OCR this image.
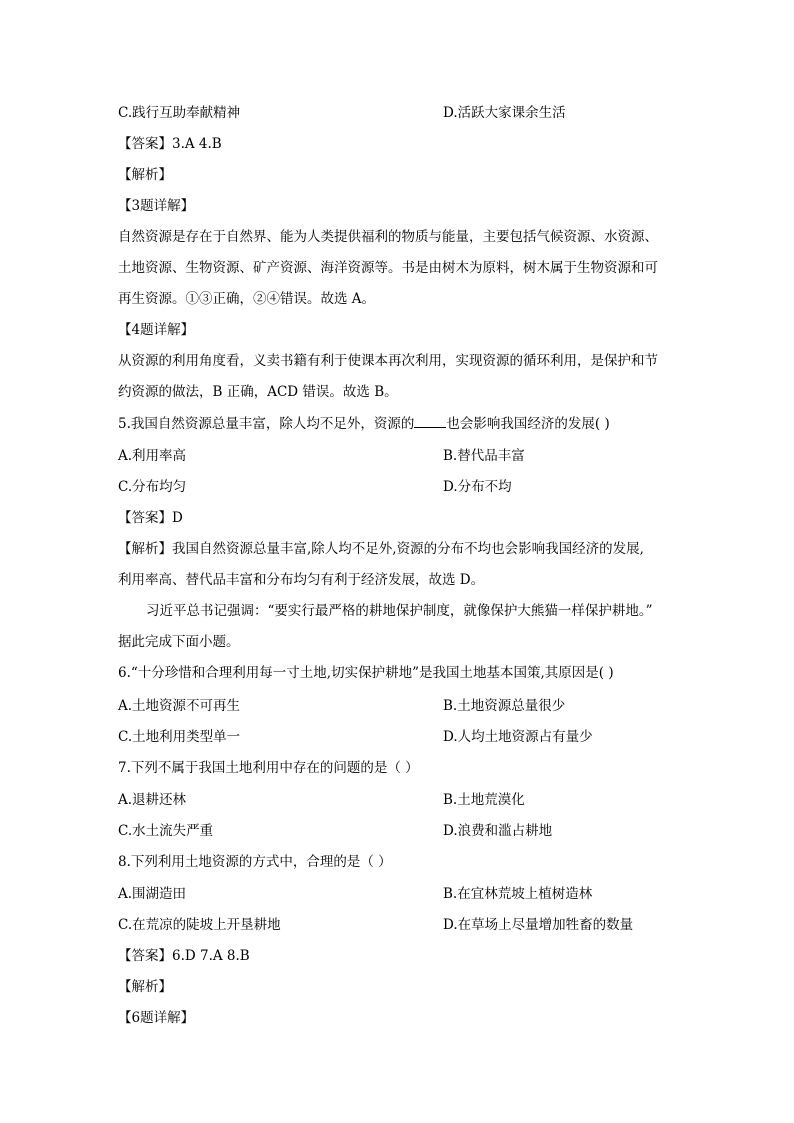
C.践行互助奉献精神	D.活跃大家课余生活
【答案】3.A 4.B
【解析】
【3题详解】
自然资源是存在于自然界、能为人类提供福利的物质与能量，主要包括气候资源、水资源、
土地资源、生物资源、矿产资源、海洋资源等。书是由树木为原料，树木属于生物资源和可
再生资源。①③正确，②④错误。故选 A。
【4题详解】
从资源的利用角度看，义卖书籍有利于使课本再次利用，实现资源的循环利用，是保护和节
约资源的做法，B 正确，ACD 错误。故选 B。
5.我国自然资源总量丰富，除人均不足外，资源的 也会影响我国经济的发展( )
A.利用率高	B.替代品丰富
C.分布均匀	D.分布不均
【答案】D
【解析】我国自然资源总量丰富,除人均不足外,资源的分布不均也会影响我国经济的发展,
利用率高、替代品丰富和分布均匀有利于经济发展，故选 D。
习近平总书记强调：“要实行最严格的耕地保护制度，就像保护大熊猫一样保护耕地。”
据此完成下面小题。
6.“十分珍惜和合理利用每一寸土地,切实保护耕地”是我国土地基本国策,其原因是( )
A.土地资源不可再生	B.土地资源总量很少
C.土地利用类型单一	D.人均土地资源占有量少
7.下列不属于我国土地利用中存在的问题的是（ ）
A.退耕还林	B.土地荒漠化
C.水土流失严重	D.浪费和滥占耕地
8.下列利用土地资源的方式中，合理的是（ ）
A.围湖造田	B.在宜林荒坡上植树造林
C.在荒凉的陡坡上开垦耕地	D.在草场上尽量增加牲畜的数量
【答案】6.D 7.A 8.B
【解析】
【6题详解】
